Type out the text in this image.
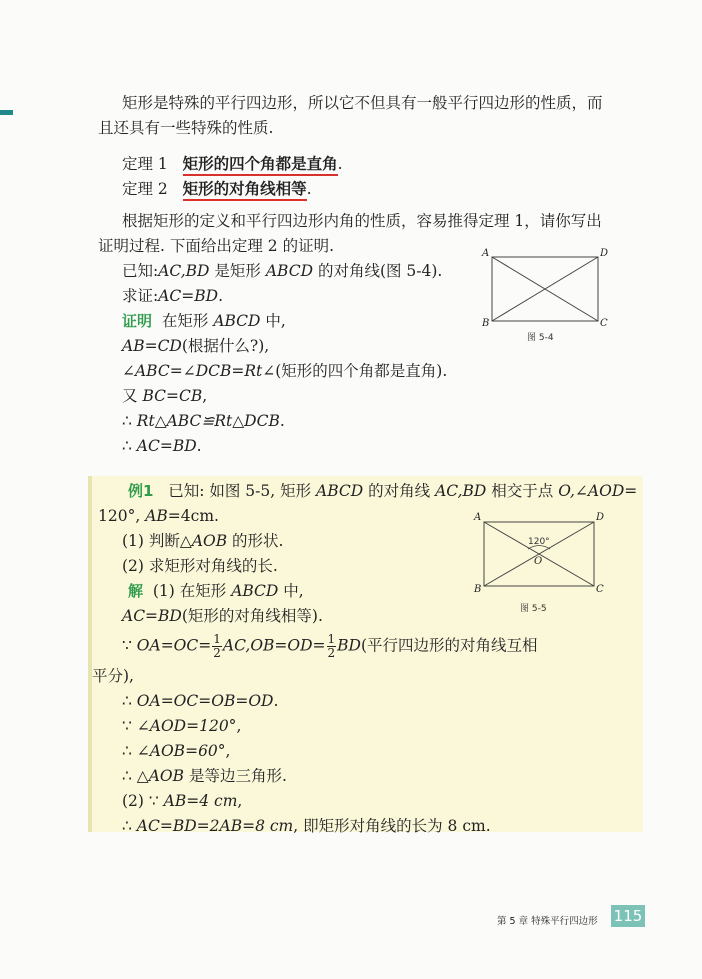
矩形是特殊的平行四边形，所以它不但具有一般平行四边形的性质，而
且还具有一些特殊的性质.
定理 1 矩形的四个角都是直角.
定理 2 矩形的对角线相等.
根据矩形的定义和平行四边形内角的性质，容易推得定理 1，请你写出
证明过程. 下面给出定理 2 的证明.
已知:AC,BD 是矩形 ABCD 的对角线(图 5-4).
求证:AC=BD.
证明 在矩形 ABCD 中,
AB=CD(根据什么?),
∠ABC=∠DCB=Rt∠(矩形的四个角都是直角).
又 BC=CB,
∴ Rt△ABC≌Rt△DCB.
∴ AC=BD.
A	D
B	C
图 5-4
例1 已知: 如图 5-5, 矩形 ABCD 的对角线 AC,BD 相交于点 O,∠AOD=
120°, AB=4cm.
(1) 判断△AOB 的形状.
(2) 求矩形对角线的长.
解 (1) 在矩形 ABCD 中,
AC=BD(矩形的对角线相等).
∵ $OA=OC= \frac{1}{2} AC,OB=OD= \frac{1}{2} BD$(平行四边形的对角线互相
平分),
∴ OA=OC=OB=OD.
∵ ∠AOD=120°,
∴ ∠AOB=60°,
∴ △AOB 是等边三角形.
(2) ∵ AB=4 cm,
∴ AC=BD=2AB=8 cm, 即矩形对角线的长为 8 cm.
A	D
B	C
O
120°
图 5-5
第 5 章 特殊平行四边形 115
